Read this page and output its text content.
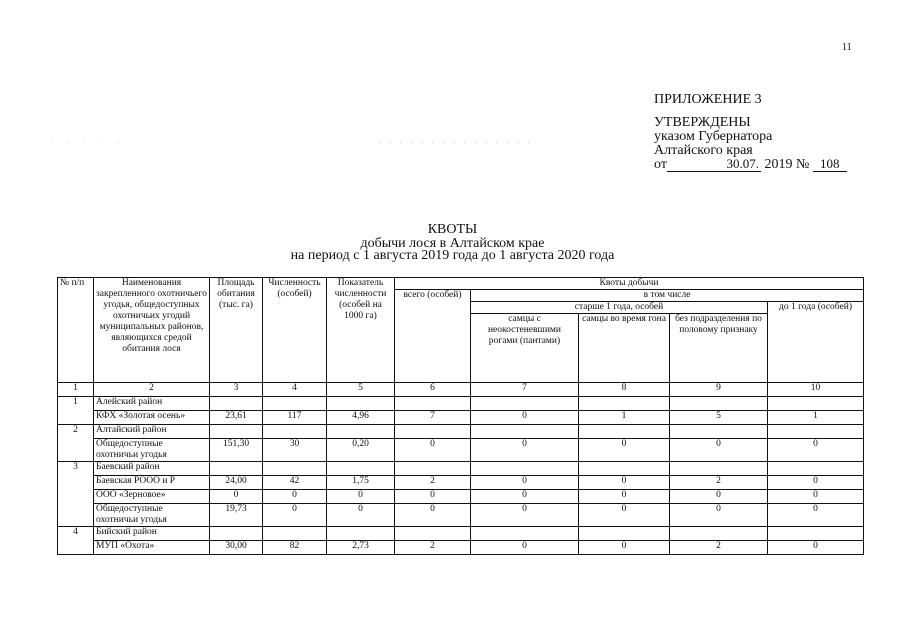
11
· · · · ·	· · · · · · · · · · · · · · ·
ПРИЛОЖЕНИЕ 3
УТВЕРЖДЕНЫ
указом Губернатора
Алтайского края
от	30.07. 2019 № 108
КВОТЫ
добычи лося в Алтайском крае
на период с 1 августа 2019 года до 1 августа 2020 года
№ п/п	Наименования закрепленного охотничьего угодья, общедоступных охотничьих угодий муниципальных районов, являющихся средой обитания лося	Площадь обитания (тыс. га)	Численность (особей)	Показатель численности (особей на 1000 га)	Квоты добычи				
					всего (особей)	в том числе			
						старше 1 года, особей			до 1 года (особей)
						самцы с неокостеневшими рогами (пантами)	самцы во время гона	без подразделения по половому признаку	
1	2	3	4	5	6	7	8	9	10
1	Алейский район								
	КФХ «Золотая осень»	23,61	117	4,96	7	0	1	5	1
2	Алтайский район								
	Общедоступные охотничьи угодья	151,30	30	0,20	0	0	0	0	0
3	Баевский район								
	Баевская РООО и Р	24,00	42	1,75	2	0	0	2	0
	ООО «Зерновое»	0	0	0	0	0	0	0	0
	Общедоступные охотничьи угодья	19,73	0	0	0	0	0	0	0
4	Бийский район								
	МУП «Охота»	30,00	82	2,73	2	0	0	2	0
